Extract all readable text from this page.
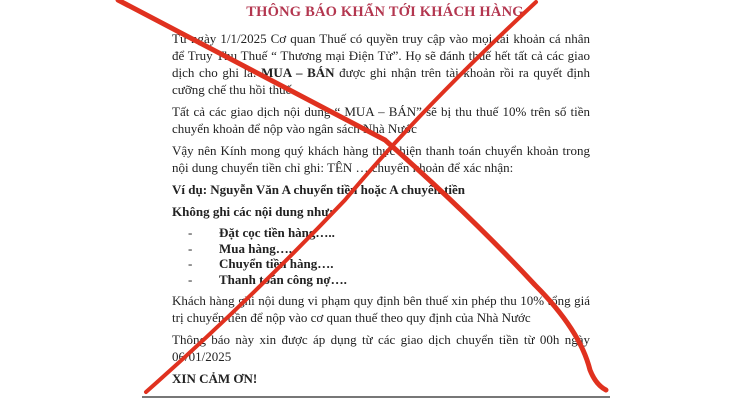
THÔNG BÁO KHẨN TỚI KHÁCH HÀNG

Từ ngày 1/1/2025 Cơ quan Thuế có quyền truy cập vào mọi tài khoản cá nhân để Truy Thu Thuế “ Thương mại Điện Tử”. Họ sẽ đánh thuế hết tất cả các giao dịch cho ghi là: MUA – BÁN được ghi nhận trên tài khoản rồi ra quyết định cưỡng chế thu hồi thuế.

Tất cả các giao dịch nội dung “ MUA – BÁN” sẽ bị thu thuế 10% trên số tiền chuyển khoản để nộp vào ngân sách Nhà Nước

Vậy nên Kính mong quý khách hàng thực hiện thanh toán chuyển khoản trong nội dung chuyển tiền chỉ ghi: TÊN … chuyển khoản để xác nhận:

Ví dụ: Nguyễn Văn A chuyển tiền hoặc A chuyển tiền

Không ghi các nội dung như:

- Đặt cọc tiền hàng…..
- Mua hàng….
- Chuyển tiền hàng….
- Thanh toán công nợ….

Khách hàng ghi nội dung vi phạm quy định bên thuế xin phép thu 10% tổng giá trị chuyển tiền để nộp vào cơ quan thuế theo quy định của Nhà Nước

Thông báo này xin được áp dụng từ các giao dịch chuyển tiền từ 00h ngày 06/01/2025

XIN CẢM ƠN!
